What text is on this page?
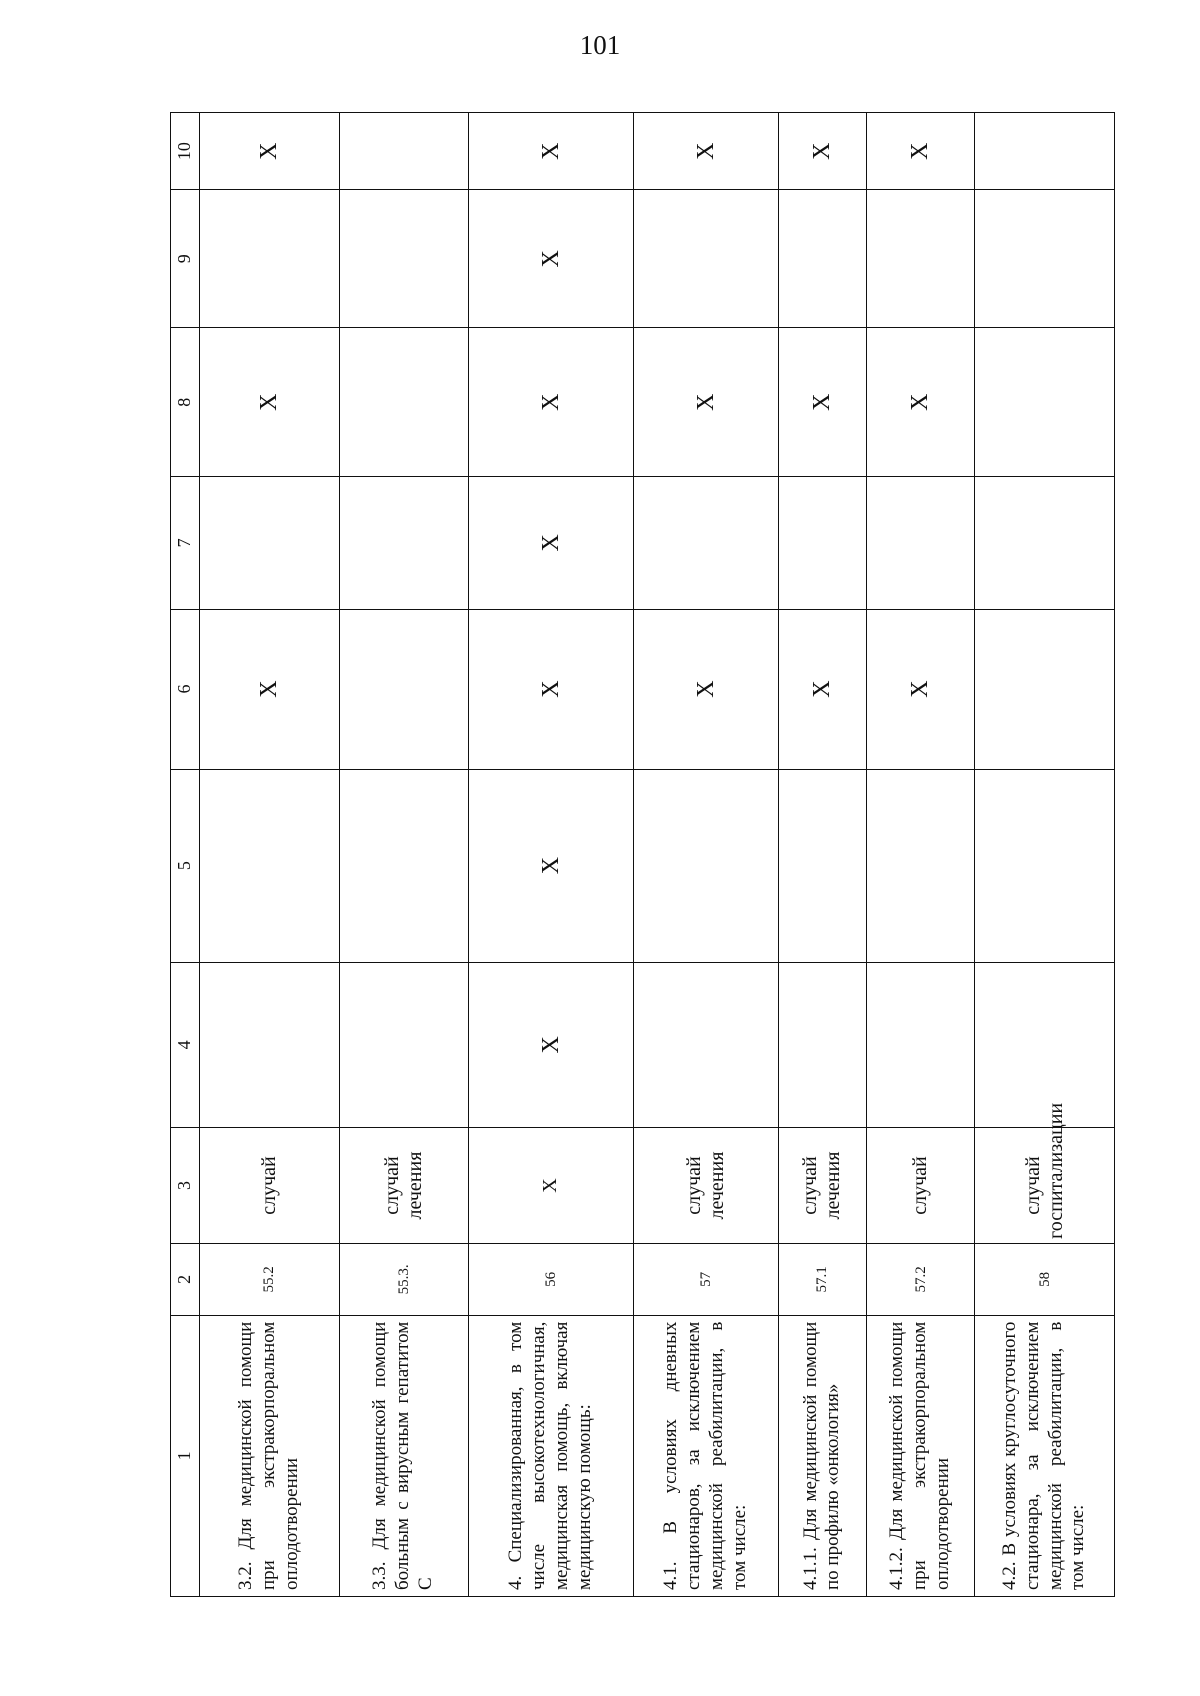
101
1	2	3	4	5	6	7	8	9	10

3.2. Для медицинской помощи при экстракорпоральном оплодотворении	55.2	случай			Х		Х		Х

3.3. Для медицинской помощи больным с вирусным гепатитом С	55.3.	случай лечения							

4. Специализированная, в том числе высокотехнологичная, медицинская помощь, включая медицинскую помощь:	56	Х	Х	Х	Х	Х	Х	Х	Х

4.1. В условиях дневных стационаров, за исключением медицинской реабилитации, в том числе:	57	случай лечения			Х		Х		Х

4.1.1. Для медицинской помощи по профилю «онкология»	57.1	случай лечения			Х		Х		Х

4.1.2. Для медицинской помощи при экстракорпоральном оплодотворении	57.2	случай			Х		Х		Х

4.2. В условиях круглосуточного стационара, за исключением медицинской реабилитации, в том числе:	58	случай госпитализации							
